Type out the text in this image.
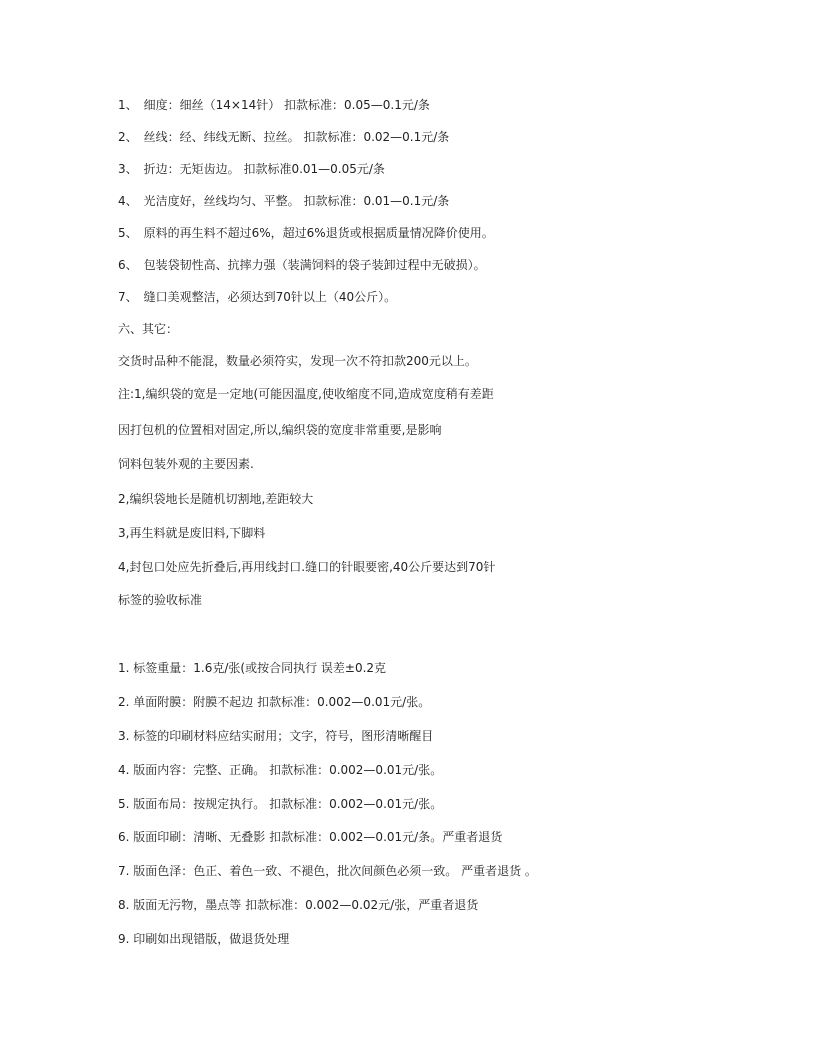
1、　细度：细丝（14×14针） 扣款标准：0.05—0.1元/条
2、　丝线：经、纬线无断、拉丝。 扣款标准：0.02—0.1元/条
3、　折边：无矩齿边。 扣款标准0.01—0.05元/条
4、　光洁度好，丝线均匀、平整。 扣款标准：0.01—0.1元/条
5、　原料的再生料不超过6%，超过6%退货或根据质量情况降价使用。
6、　包装袋韧性高、抗摔力强（装满饲料的袋子装卸过程中无破损）。
7、　缝口美观整洁，必须达到70针以上（40公斤）。
六、其它：
交货时品种不能混，数量必须符实，发现一次不符扣款200元以上。
注:1,编织袋的宽是一定地(可能因温度,使收缩度不同,造成宽度稍有差距
因打包机的位置相对固定,所以,编织袋的宽度非常重要,是影响
饲料包装外观的主要因素.
2,编织袋地长是随机切割地,差距较大
3,再生料就是废旧料,下脚料
4,封包口处应先折叠后,再用线封口.缝口的针眼要密,40公斤要达到70针
标签的验收标准
1. 标签重量：1.6克/张(或按合同执行 误差±0.2克
2. 单面附膜：附膜不起边 扣款标准：0.002—0.01元/张。
3. 标签的印刷材料应结实耐用；文字，符号，图形清晰醒目
4. 版面内容：完整、正确。 扣款标准：0.002—0.01元/张。
5. 版面布局：按规定执行。 扣款标准：0.002—0.01元/张。
6. 版面印刷：清晰、无叠影 扣款标准：0.002—0.01元/条。严重者退货
7. 版面色泽：色正、着色一致、不褪色，批次间颜色必须一致。 严重者退货 。
8. 版面无污物，墨点等 扣款标准：0.002—0.02元/张，严重者退货
9. 印刷如出现错版，做退货处理
